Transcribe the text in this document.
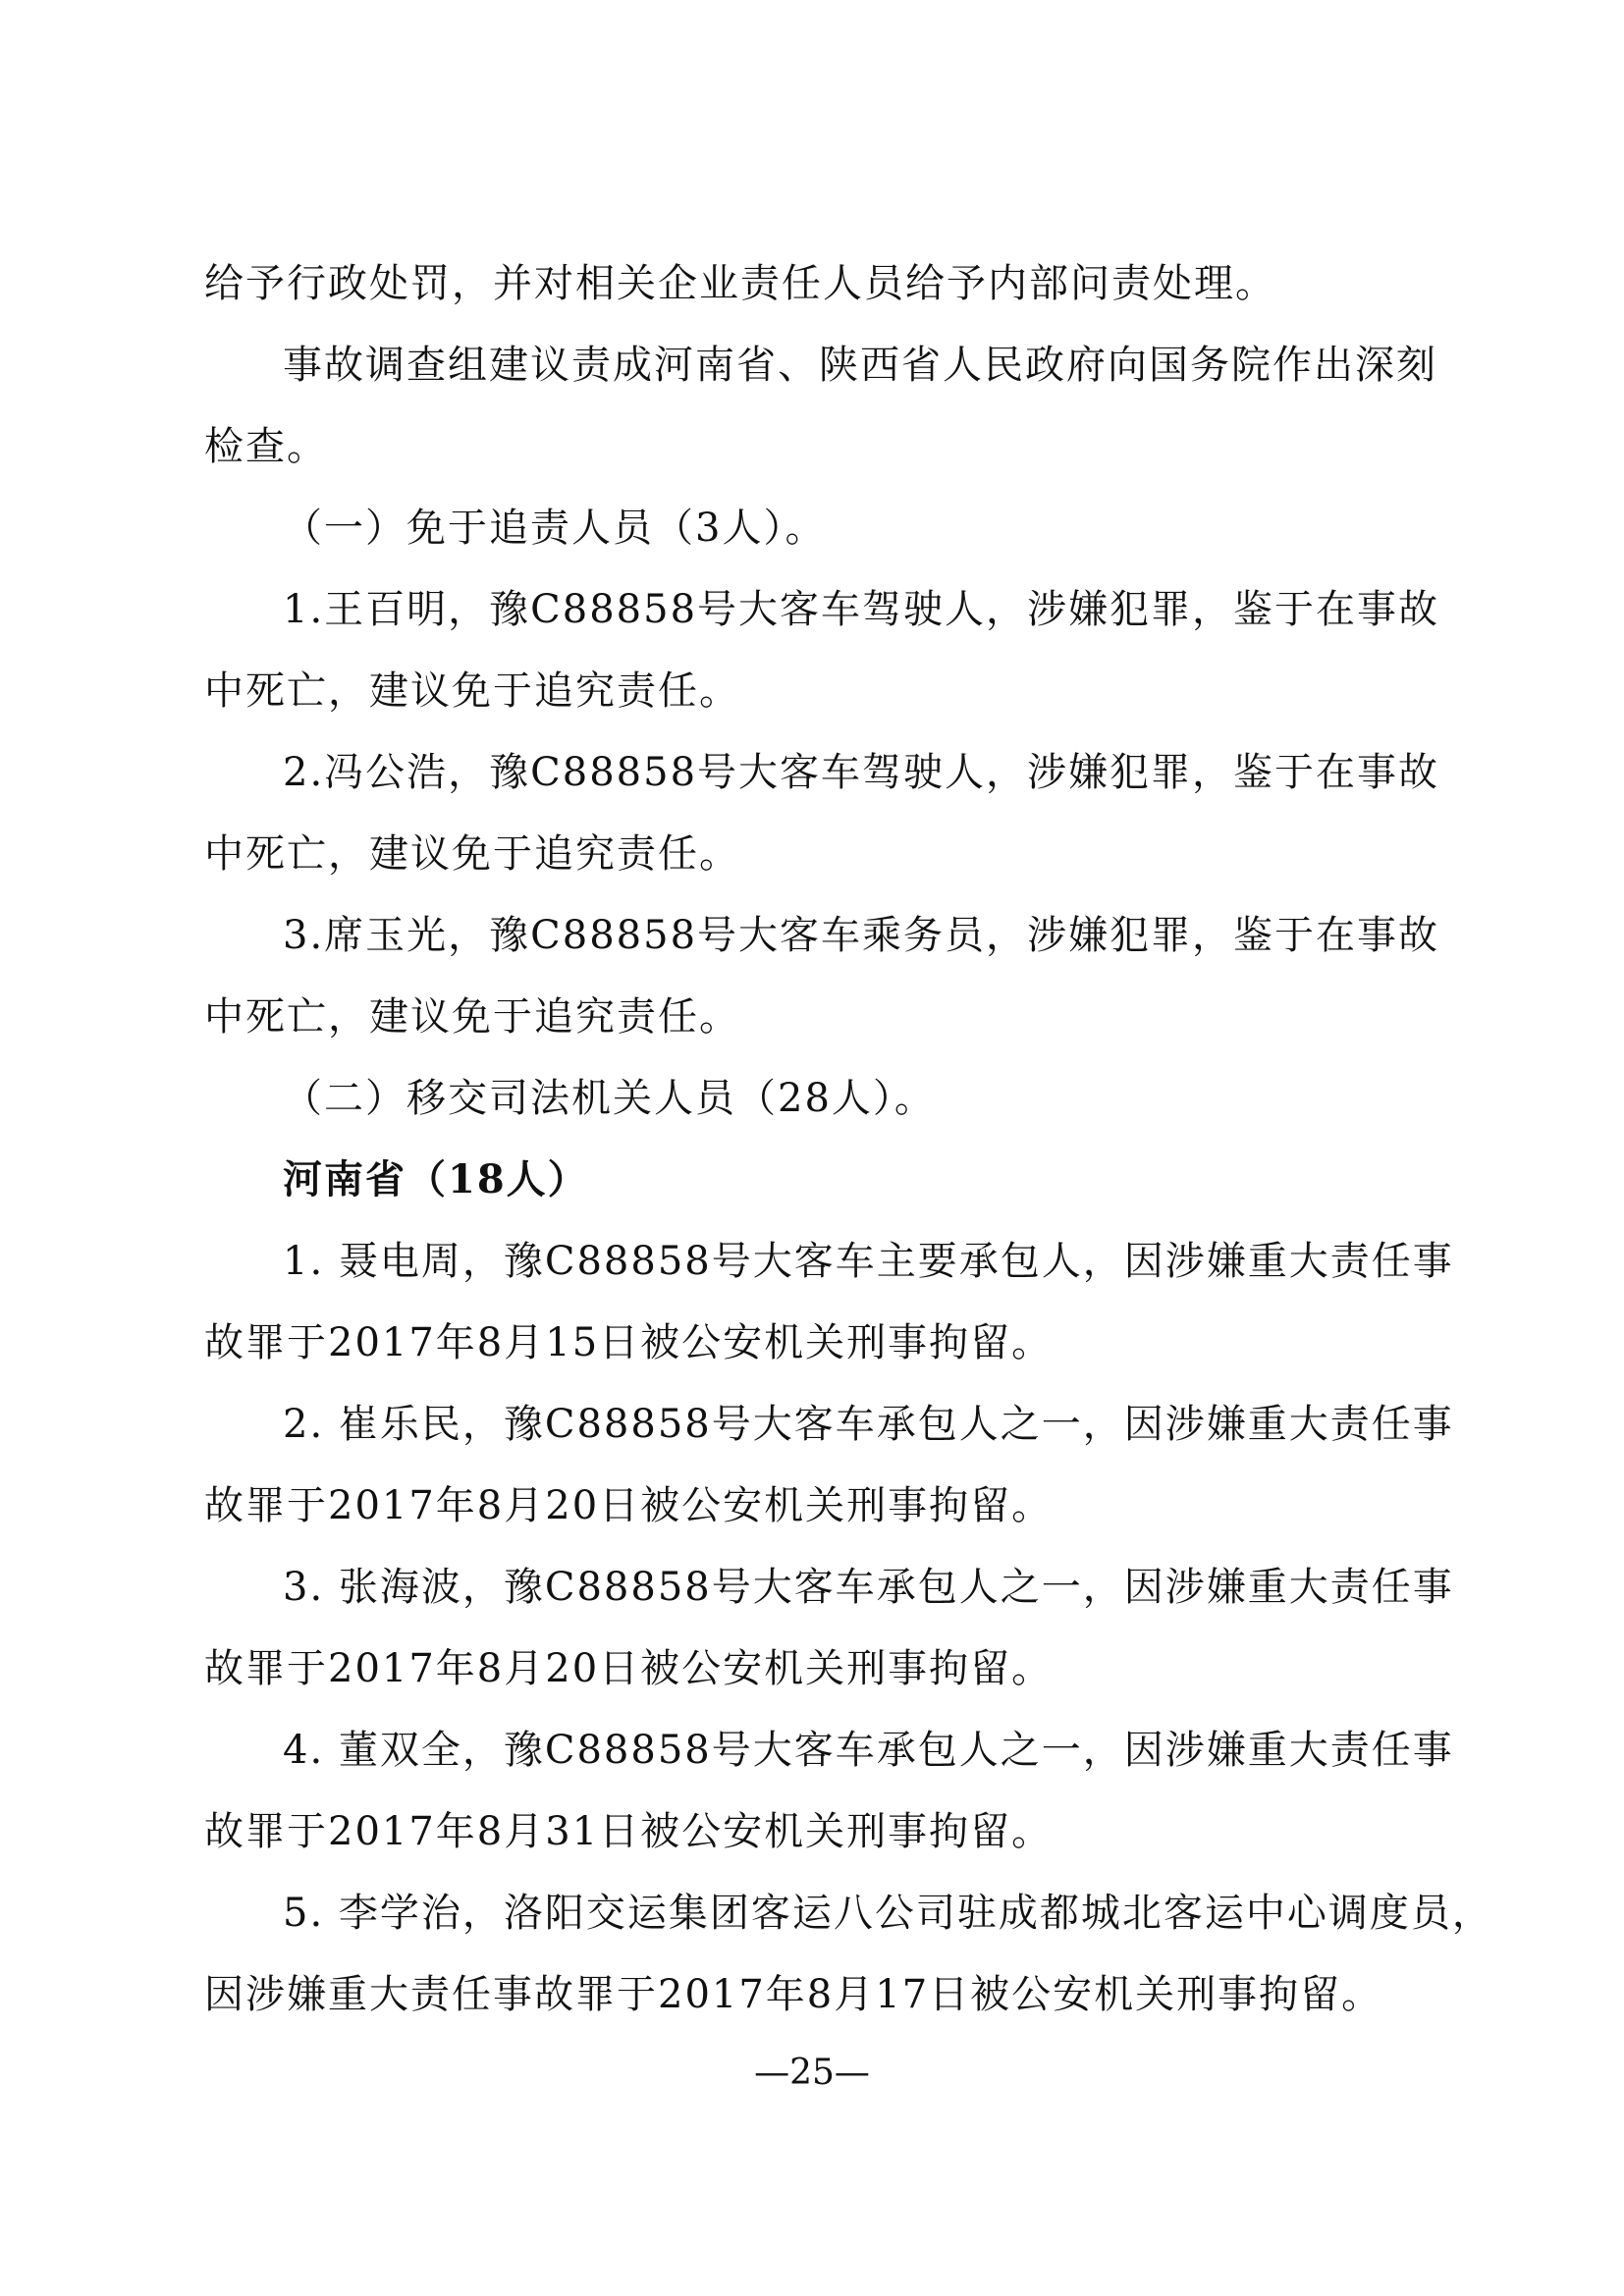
给予行政处罚，并对相关企业责任人员给予内部问责处理。
事故调查组建议责成河南省、陕西省人民政府向国务院作出深刻
检查。
（一）免于追责人员（3人）。
1.王百明，豫C88858号大客车驾驶人，涉嫌犯罪，鉴于在事故
中死亡，建议免于追究责任。
2.冯公浩，豫C88858号大客车驾驶人，涉嫌犯罪，鉴于在事故
中死亡，建议免于追究责任。
3.席玉光，豫C88858号大客车乘务员，涉嫌犯罪，鉴于在事故
中死亡，建议免于追究责任。
（二）移交司法机关人员（28人）。
河南省（18人）
1. 聂电周，豫C88858号大客车主要承包人，因涉嫌重大责任事
故罪于2017年8月15日被公安机关刑事拘留。
2. 崔乐民，豫C88858号大客车承包人之一，因涉嫌重大责任事
故罪于2017年8月20日被公安机关刑事拘留。
3. 张海波，豫C88858号大客车承包人之一，因涉嫌重大责任事
故罪于2017年8月20日被公安机关刑事拘留。
4. 董双全，豫C88858号大客车承包人之一，因涉嫌重大责任事
故罪于2017年8月31日被公安机关刑事拘留。
5. 李学治，洛阳交运集团客运八公司驻成都城北客运中心调度员，
因涉嫌重大责任事故罪于2017年8月17日被公安机关刑事拘留。
—25—
